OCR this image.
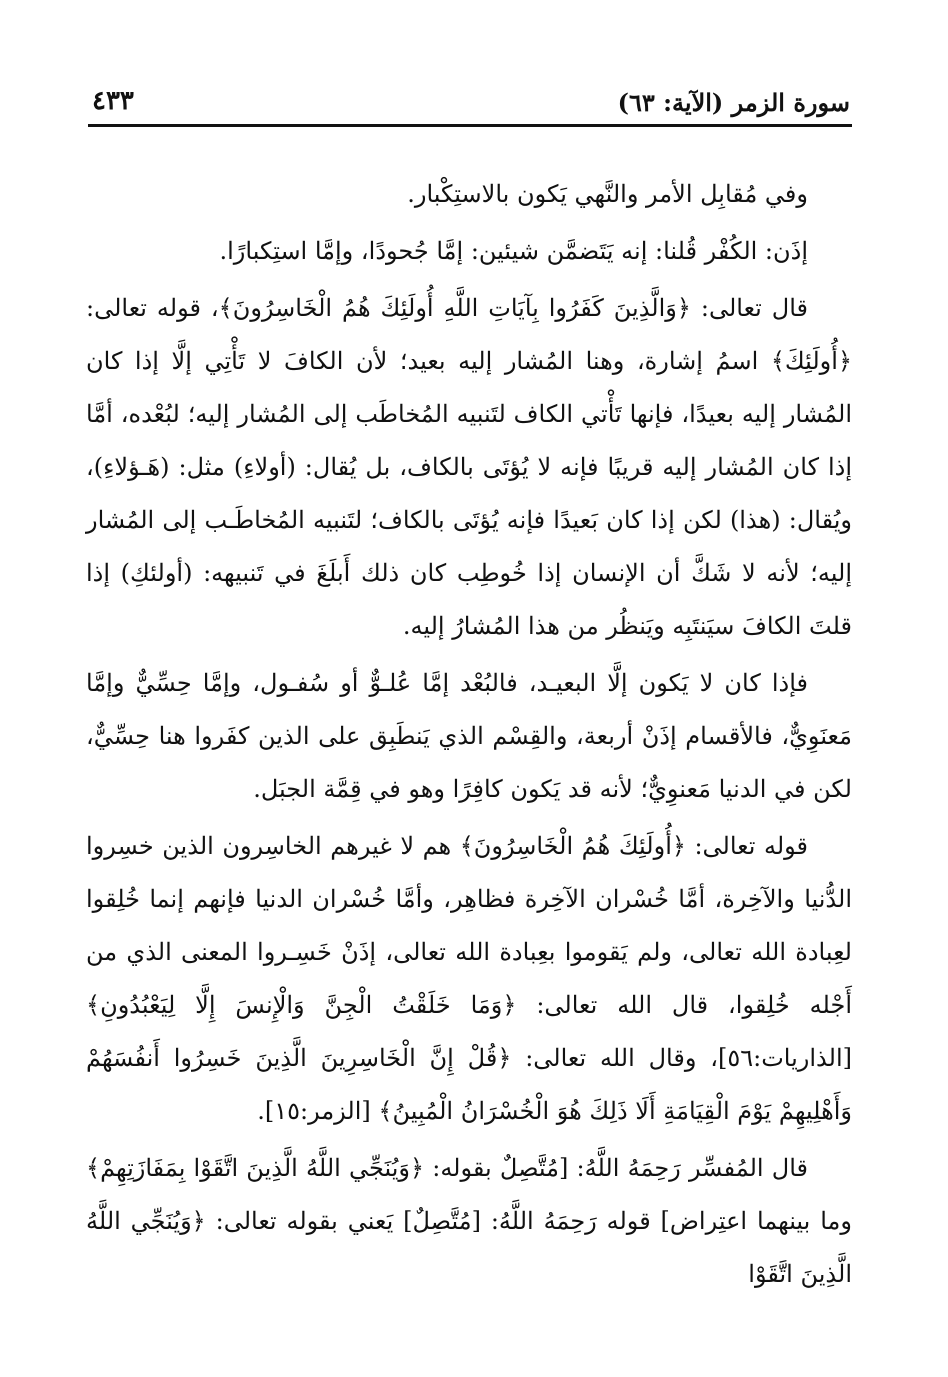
سورة الزمر (الآية: ٦٣)
٤٣٣

وفي مُقابِل الأمر والنَّهي يَكون بالاستِكْبار.

إذَن: الكُفْر قُلنا: إنه يَتَضمَّن شيئين: إمَّا جُحودًا، وإمَّا استِكبارًا.

قال تعالى: ﴿وَالَّذِينَ كَفَرُوا بِآيَاتِ اللَّهِ أُولَئِكَ هُمُ الْخَاسِرُونَ﴾، قوله تعالى: ﴿أُولَئِكَ﴾ اسمُ إشارة، وهنا المُشار إليه بعيد؛ لأن الكافَ لا تَأْتِي إلَّا إذا كان المُشار إليه بعيدًا، فإنها تَأْتي الكاف لتَنبيه المُخاطَب إلى المُشار إليه؛ لبُعْده، أمَّا إذا كان المُشار إليه قريبًا فإنه لا يُؤتَى بالكاف، بل يُقال: (أولاءِ) مثل: (هَـؤلاءِ)، ويُقال: (هذا) لكن إذا كان بَعيدًا فإنه يُؤتَى بالكاف؛ لتَنبيه المُخاطَـب إلى المُشار إليه؛ لأنه لا شَكَّ أن الإنسان إذا خُوطِب كان ذلك أَبلَغَ في تَنبيهه: (أولئكِ) إذا قلتَ الكافَ سيَنتَبِه ويَنظُر من هذا المُشارُ إليه.

فإذا كان لا يَكون إلَّا البعيـد، فالبُعْد إمَّا عُلـوٌّ أو سُفـول، وإمَّا حِسِّيٌّ وإمَّا مَعنَوِيٌّ، فالأقسام إذَنْ أربعة، والقِسْم الذي يَنطَبِق على الذين كفَروا هنا حِسِّيٌّ، لكن في الدنيا مَعنوِيٌّ؛ لأنه قد يَكون كافِرًا وهو في قِمَّة الجبَل.

قوله تعالى: ﴿أُولَئِكَ هُمُ الْخَاسِرُونَ﴾ هم لا غيرهم الخاسِرون الذين خسِروا الدُّنيا والآخِرة، أمَّا خُسْران الآخِرة فظاهِر، وأمَّا خُسْران الدنيا فإنهم إنما خُلِقوا لعِبادة الله تعالى، ولم يَقوموا بعِبادة الله تعالى، إذَنْ خَسِـروا المعنى الذي من أَجْله خُلِقوا، قال الله تعالى: ﴿وَمَا خَلَقْتُ الْجِنَّ وَالْإِنسَ إِلَّا لِيَعْبُدُونِ﴾ [الذاريات:٥٦]، وقال الله تعالى: ﴿قُلْ إِنَّ الْخَاسِرِينَ الَّذِينَ خَسِرُوا أَنفُسَهُمْ وَأَهْلِيهِمْ يَوْمَ الْقِيَامَةِ أَلَا ذَلِكَ هُوَ الْخُسْرَانُ الْمُبِينُ﴾ [الزمر:١٥].

قال المُفسِّر رَحِمَهُ اللَّهُ: [مُتَّصِلٌ بقوله: ﴿وَيُنَجِّي اللَّهُ الَّذِينَ اتَّقَوْا بِمَفَازَتِهِمْ﴾ وما بينهما اعتِراض] قوله رَحِمَهُ اللَّهُ: [مُتَّصِلٌ] يَعني بقوله تعالى: ﴿وَيُنَجِّي اللَّهُ الَّذِينَ اتَّقَوْا
